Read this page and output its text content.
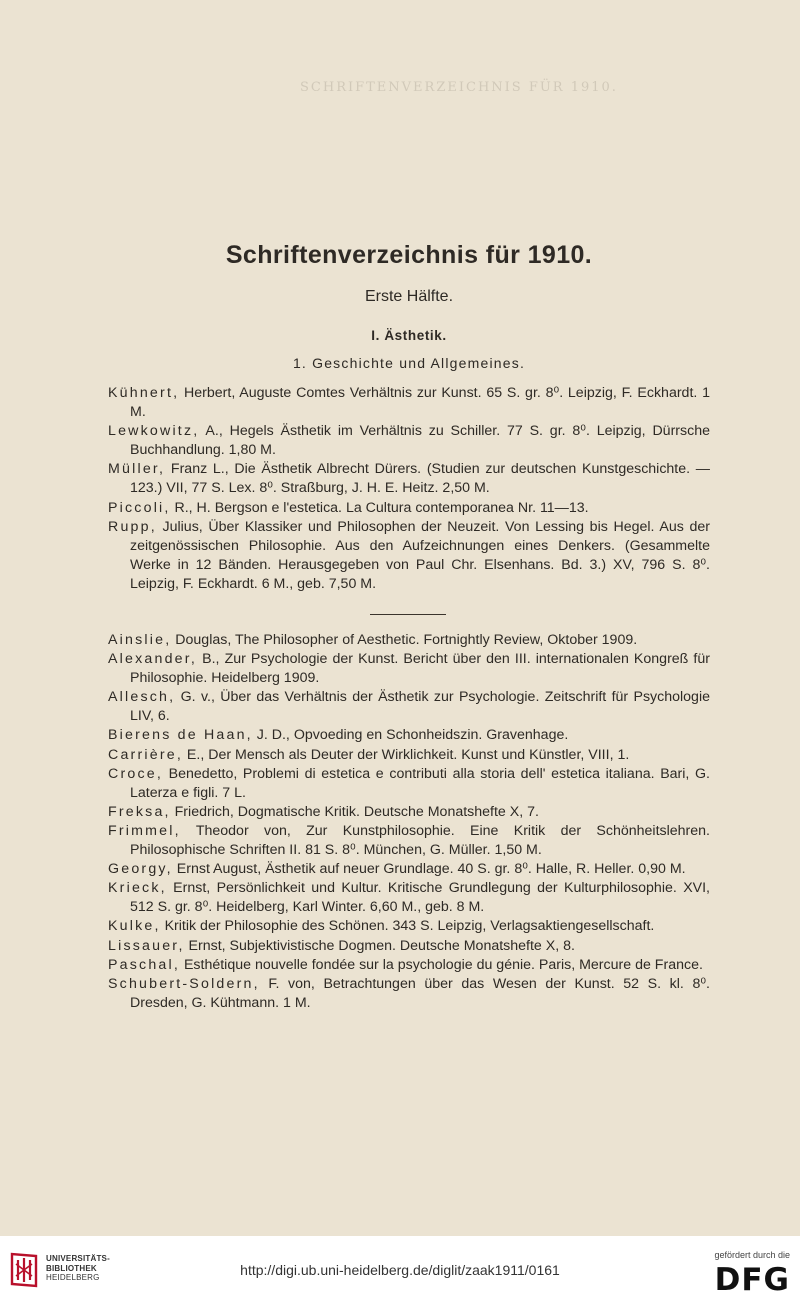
SCHRIFTENVERZEICHNIS FÜR 1910.
Schriftenverzeichnis für 1910.
Erste Hälfte.
I. Ästhetik.
1. Geschichte und Allgemeines.
Kühnert, Herbert, Auguste Comtes Verhältnis zur Kunst. 65 S. gr. 8⁰. Leipzig, F. Eckhardt. 1 M.
Lewkowitz, A., Hegels Ästhetik im Verhältnis zu Schiller. 77 S. gr. 8⁰. Leipzig, Dürrsche Buchhandlung. 1,80 M.
Müller, Franz L., Die Ästhetik Albrecht Dürers. (Studien zur deutschen Kunstgeschichte. — 123.) VII, 77 S. Lex. 8⁰. Straßburg, J. H. E. Heitz. 2,50 M.
Piccoli, R., H. Bergson e l'estetica. La Cultura contemporanea Nr. 11—13.
Rupp, Julius, Über Klassiker und Philosophen der Neuzeit. Von Lessing bis Hegel. Aus der zeitgenössischen Philosophie. Aus den Aufzeichnungen eines Denkers. (Gesammelte Werke in 12 Bänden. Herausgegeben von Paul Chr. Elsenhans. Bd. 3.) XV, 796 S. 8⁰. Leipzig, F. Eckhardt. 6 M., geb. 7,50 M.
Ainslie, Douglas, The Philosopher of Aesthetic. Fortnightly Review, Oktober 1909.
Alexander, B., Zur Psychologie der Kunst. Bericht über den III. internationalen Kongreß für Philosophie. Heidelberg 1909.
Allesch, G. v., Über das Verhältnis der Ästhetik zur Psychologie. Zeitschrift für Psychologie LIV, 6.
Bierens de Haan, J. D., Opvoeding en Schonheidszin. Gravenhage.
Carrière, E., Der Mensch als Deuter der Wirklichkeit. Kunst und Künstler, VIII, 1.
Croce, Benedetto, Problemi di estetica e contributi alla storia dell' estetica italiana. Bari, G. Laterza e figli. 7 L.
Freksa, Friedrich, Dogmatische Kritik. Deutsche Monatshefte X, 7.
Frimmel, Theodor von, Zur Kunstphilosophie. Eine Kritik der Schönheitslehren. Philosophische Schriften II. 81 S. 8⁰. München, G. Müller. 1,50 M.
Georgy, Ernst August, Ästhetik auf neuer Grundlage. 40 S. gr. 8⁰. Halle, R. Heller. 0,90 M.
Krieck, Ernst, Persönlichkeit und Kultur. Kritische Grundlegung der Kulturphilosophie. XVI, 512 S. gr. 8⁰. Heidelberg, Karl Winter. 6,60 M., geb. 8 M.
Kulke, Kritik der Philosophie des Schönen. 343 S. Leipzig, Verlagsaktiengesellschaft.
Lissauer, Ernst, Subjektivistische Dogmen. Deutsche Monatshefte X, 8.
Paschal, Esthétique nouvelle fondée sur la psychologie du génie. Paris, Mercure de France.
Schubert-Soldern, F. von, Betrachtungen über das Wesen der Kunst. 52 S. kl. 8⁰. Dresden, G. Kühtmann. 1 M.
UNIVERSITÄTS-
BIBLIOTHEK
HEIDELBERG	http://digi.ub.uni-heidelberg.de/diglit/zaak1911/0161
gefördert durch die
DFG
